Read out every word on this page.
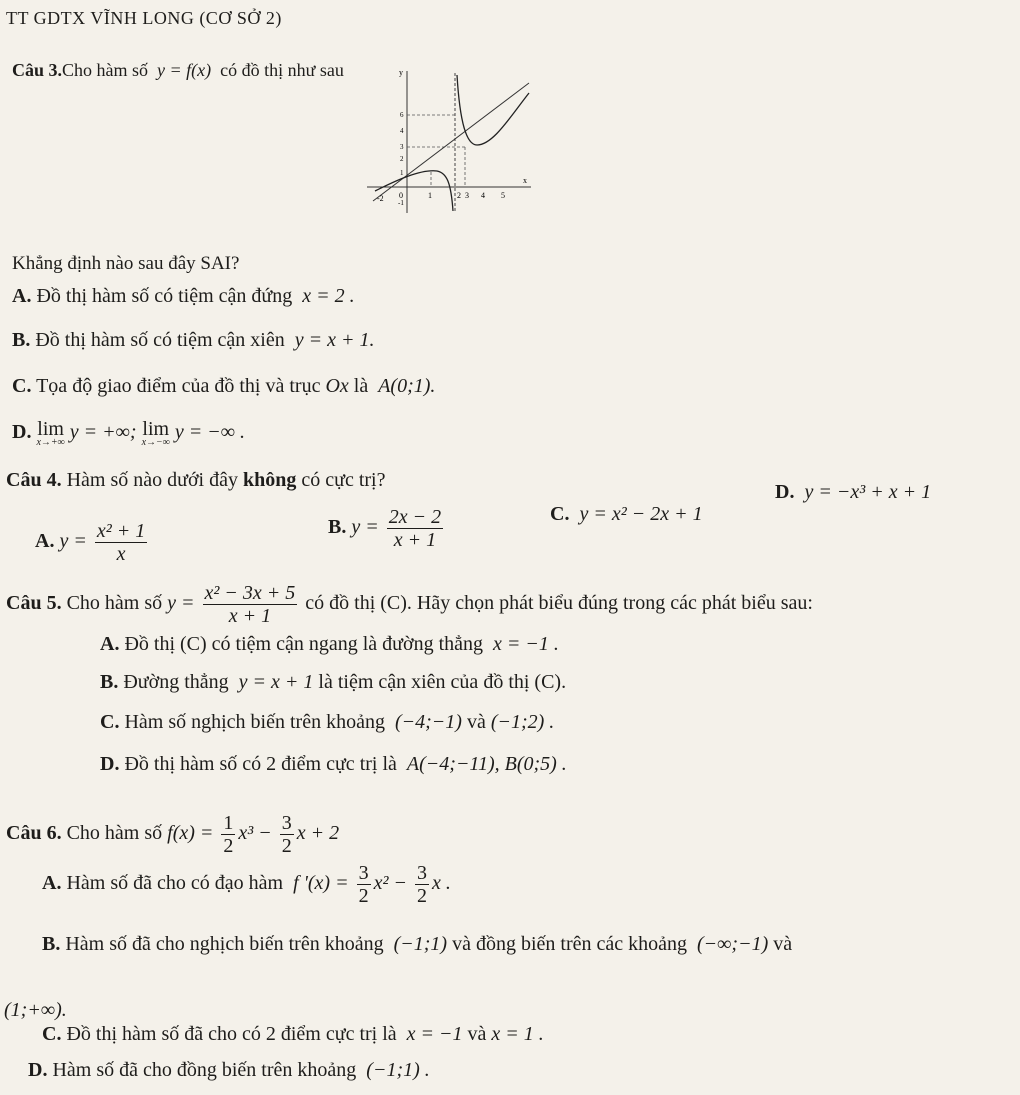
TT GDTX VĨNH LONG (CƠ SỞ 2)
Câu 3.Cho hàm số y = f(x) có đồ thị như sau
-2 0	1	2 3 4 5
x
y
6
4
3
2
1
-1
Khẳng định nào sau đây SAI?
A. Đồ thị hàm số có tiệm cận đứng x = 2 .
B. Đồ thị hàm số có tiệm cận xiên y = x + 1.
C. Tọa độ giao điểm của đồ thị và trục Ox là A(0;1).
D. lim
x→+∞ y = +∞; lim
x→−∞ y = −∞ .
Câu 4. Hàm số nào dưới đây không có cực trị?
A. $y = \frac{\text{x² + 1}}{x}$	B. $y = \frac{2x - 2}{x + 1}$	C. y = x² − 2x + 1
D. y = −x³ + x + 1
Câu 5. Cho hàm số $y = \frac{\text{x² − 3x + 5}}{x + 1}$ có đồ thị (C). Hãy chọn phát biểu đúng trong các phát biểu sau:
A. Đồ thị (C) có tiệm cận ngang là đường thẳng x = −1 .
B. Đường thẳng y = x + 1 là tiệm cận xiên của đồ thị (C).
C. Hàm số nghịch biến trên khoảng (−4;−1) và (−1;2) .
D. Đồ thị hàm số có 2 điểm cực trị là A(−4;−11), B(0;5) .
Câu 6. Cho hàm số $f(x) = \frac{1}{2} x^3 - \frac{3}{2}$ x + 2
A. Hàm số đã cho có đạo hàm f '$(x) = \frac{3}{2} x^2 - \frac{3}{2}$ x .
B. Hàm số đã cho nghịch biến trên khoảng (−1;1) và đồng biến trên các khoảng (−∞;−1) và
(1;+∞).
C. Đồ thị hàm số đã cho có 2 điểm cực trị là x = −1 và x = 1 .
D. Hàm số đã cho đồng biến trên khoảng (−1;1) .
